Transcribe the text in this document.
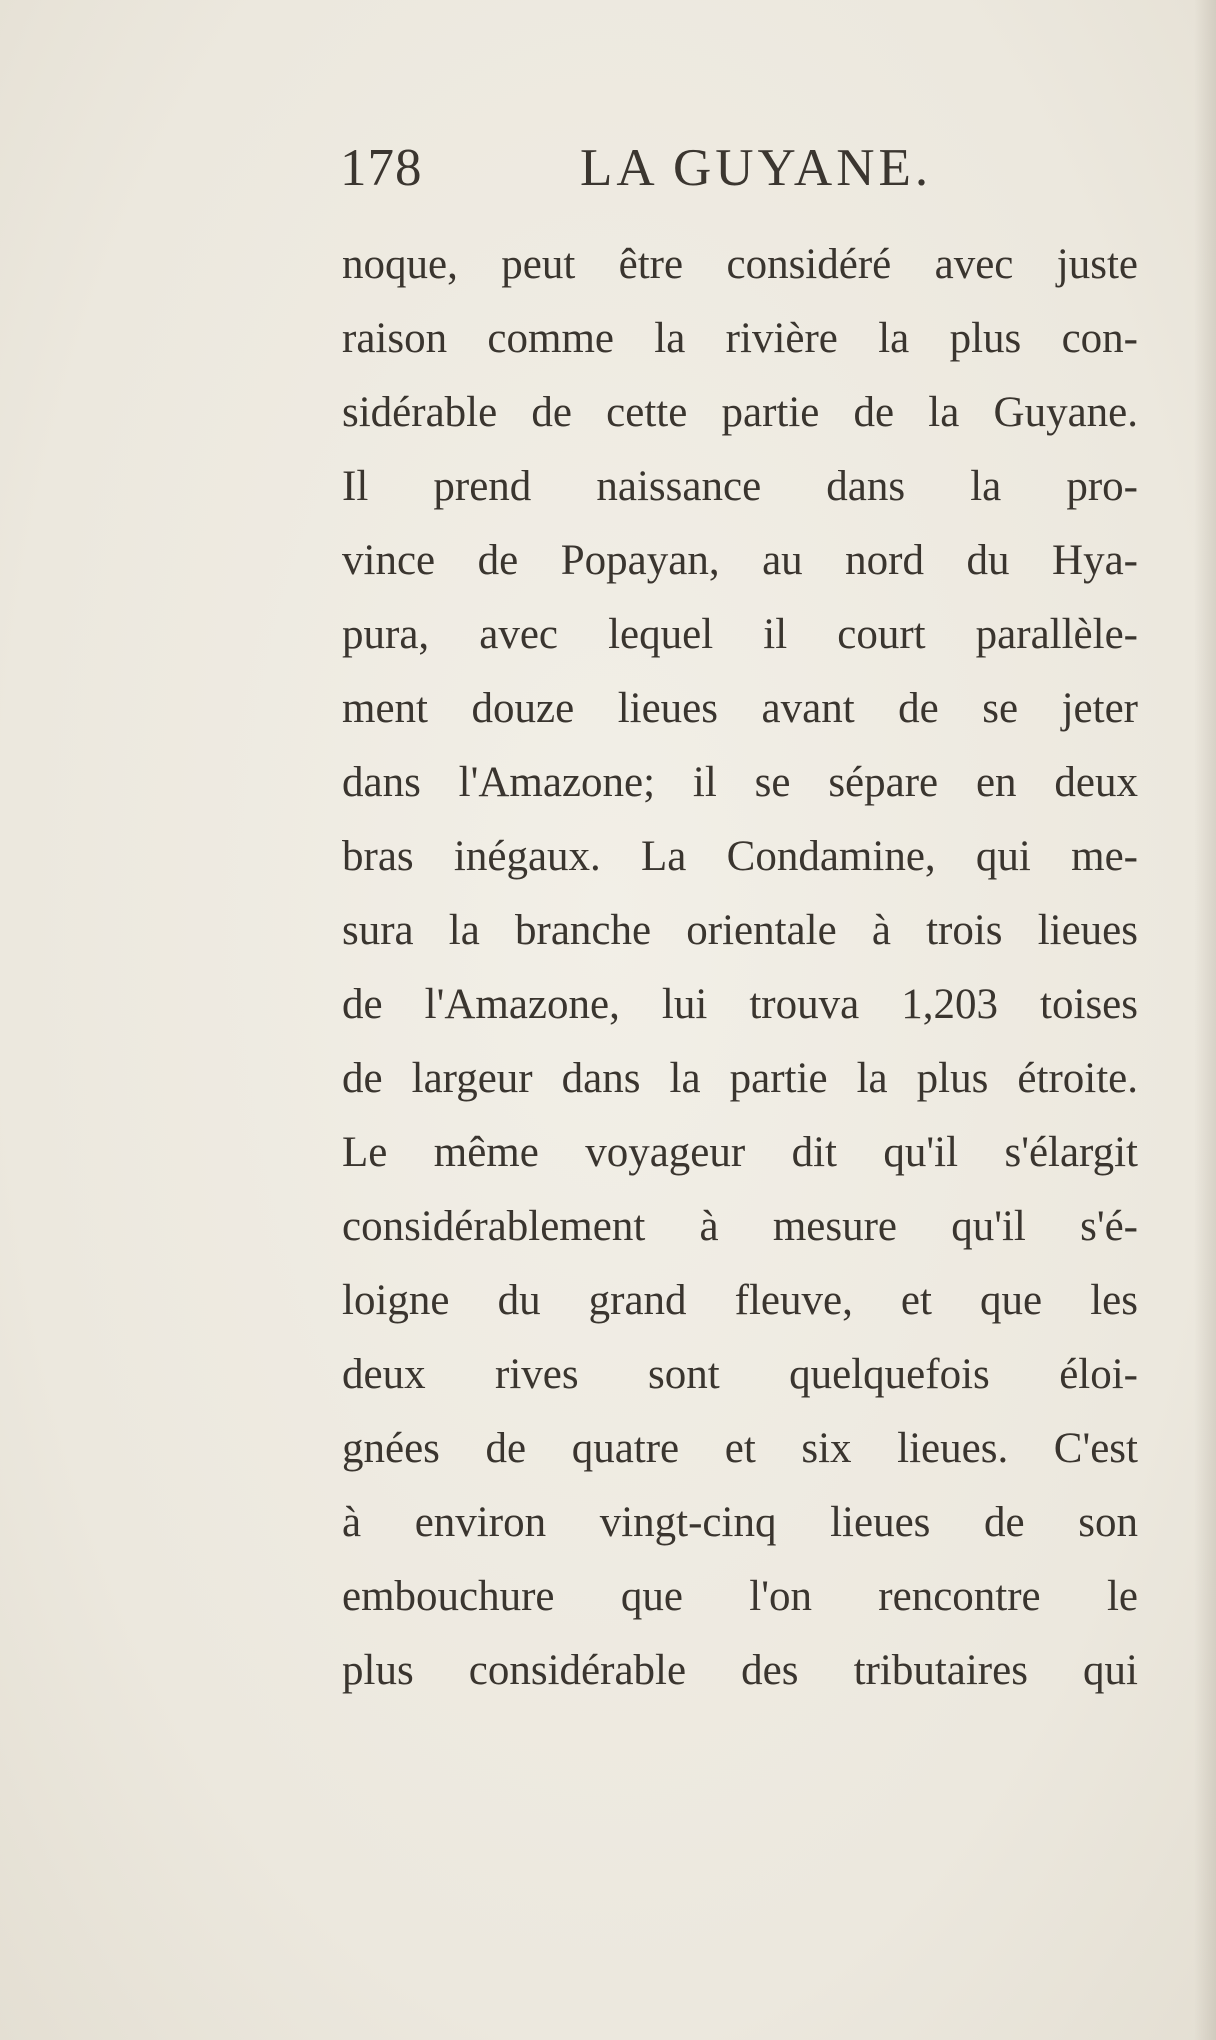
178	LA GUYANE.
noque, peut être considéré avec juste
raison comme la rivière la plus con-
sidérable de cette partie de la Guyane.
Il prend naissance dans la pro-
vince de Popayan, au nord du Hya-
pura, avec lequel il court parallèle-
ment douze lieues avant de se jeter
dans l'Amazone; il se sépare en deux
bras inégaux. La Condamine, qui me-
sura la branche orientale à trois lieues
de l'Amazone, lui trouva 1,203 toises
de largeur dans la partie la plus étroite.
Le même voyageur dit qu'il s'élargit
considérablement à mesure qu'il s'é-
loigne du grand fleuve, et que les
deux rives sont quelquefois éloi-
gnées de quatre et six lieues. C'est
à environ vingt-cinq lieues de son
embouchure que l'on rencontre le
plus considérable des tributaires qui
